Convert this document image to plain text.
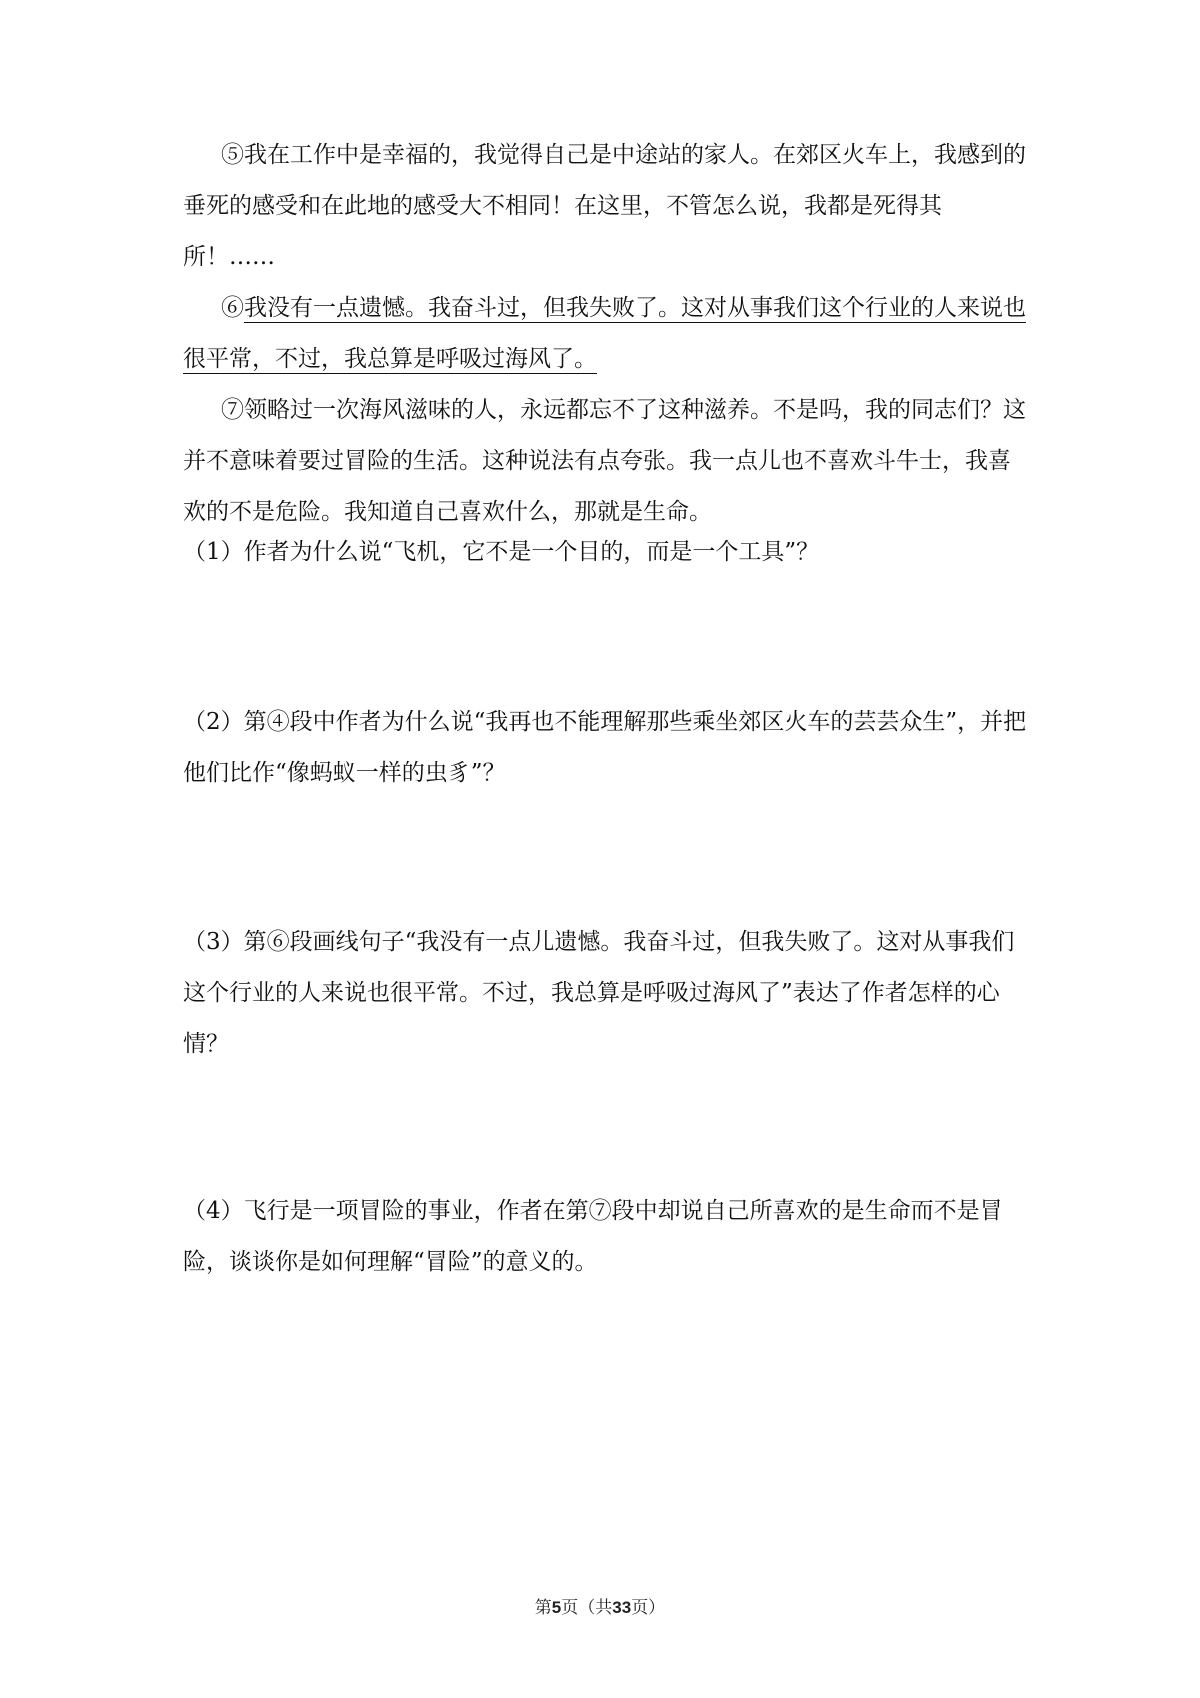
⑤我在工作中是幸福的，我觉得自己是中途站的家人。在郊区火车上，我感到的垂死的感受和在此地的感受大不相同！在这里，不管怎么说，我都是死得其所！……

⑥我没有一点遗憾。我奋斗过，但我失败了。这对从事我们这个行业的人来说也很平常，不过，我总算是呼吸过海风了。

⑦领略过一次海风滋味的人，永远都忘不了这种滋养。不是吗，我的同志们？这并不意味着要过冒险的生活。这种说法有点夸张。我一点儿也不喜欢斗牛士，我喜欢的不是危险。我知道自己喜欢什么，那就是生命。

（1）作者为什么说“飞机，它不是一个目的，而是一个工具”？

（2）第④段中作者为什么说“我再也不能理解那些乘坐郊区火车的芸芸众生”，并把他们比作“像蚂蚁一样的虫豸”？

（3）第⑥段画线句子“我没有一点儿遗憾。我奋斗过，但我失败了。这对从事我们这个行业的人来说也很平常。不过，我总算是呼吸过海风了”表达了作者怎样的心情？

（4）飞行是一项冒险的事业，作者在第⑦段中却说自己所喜欢的是生命而不是冒险，谈谈你是如何理解“冒险”的意义的。

第5页（共33页）
